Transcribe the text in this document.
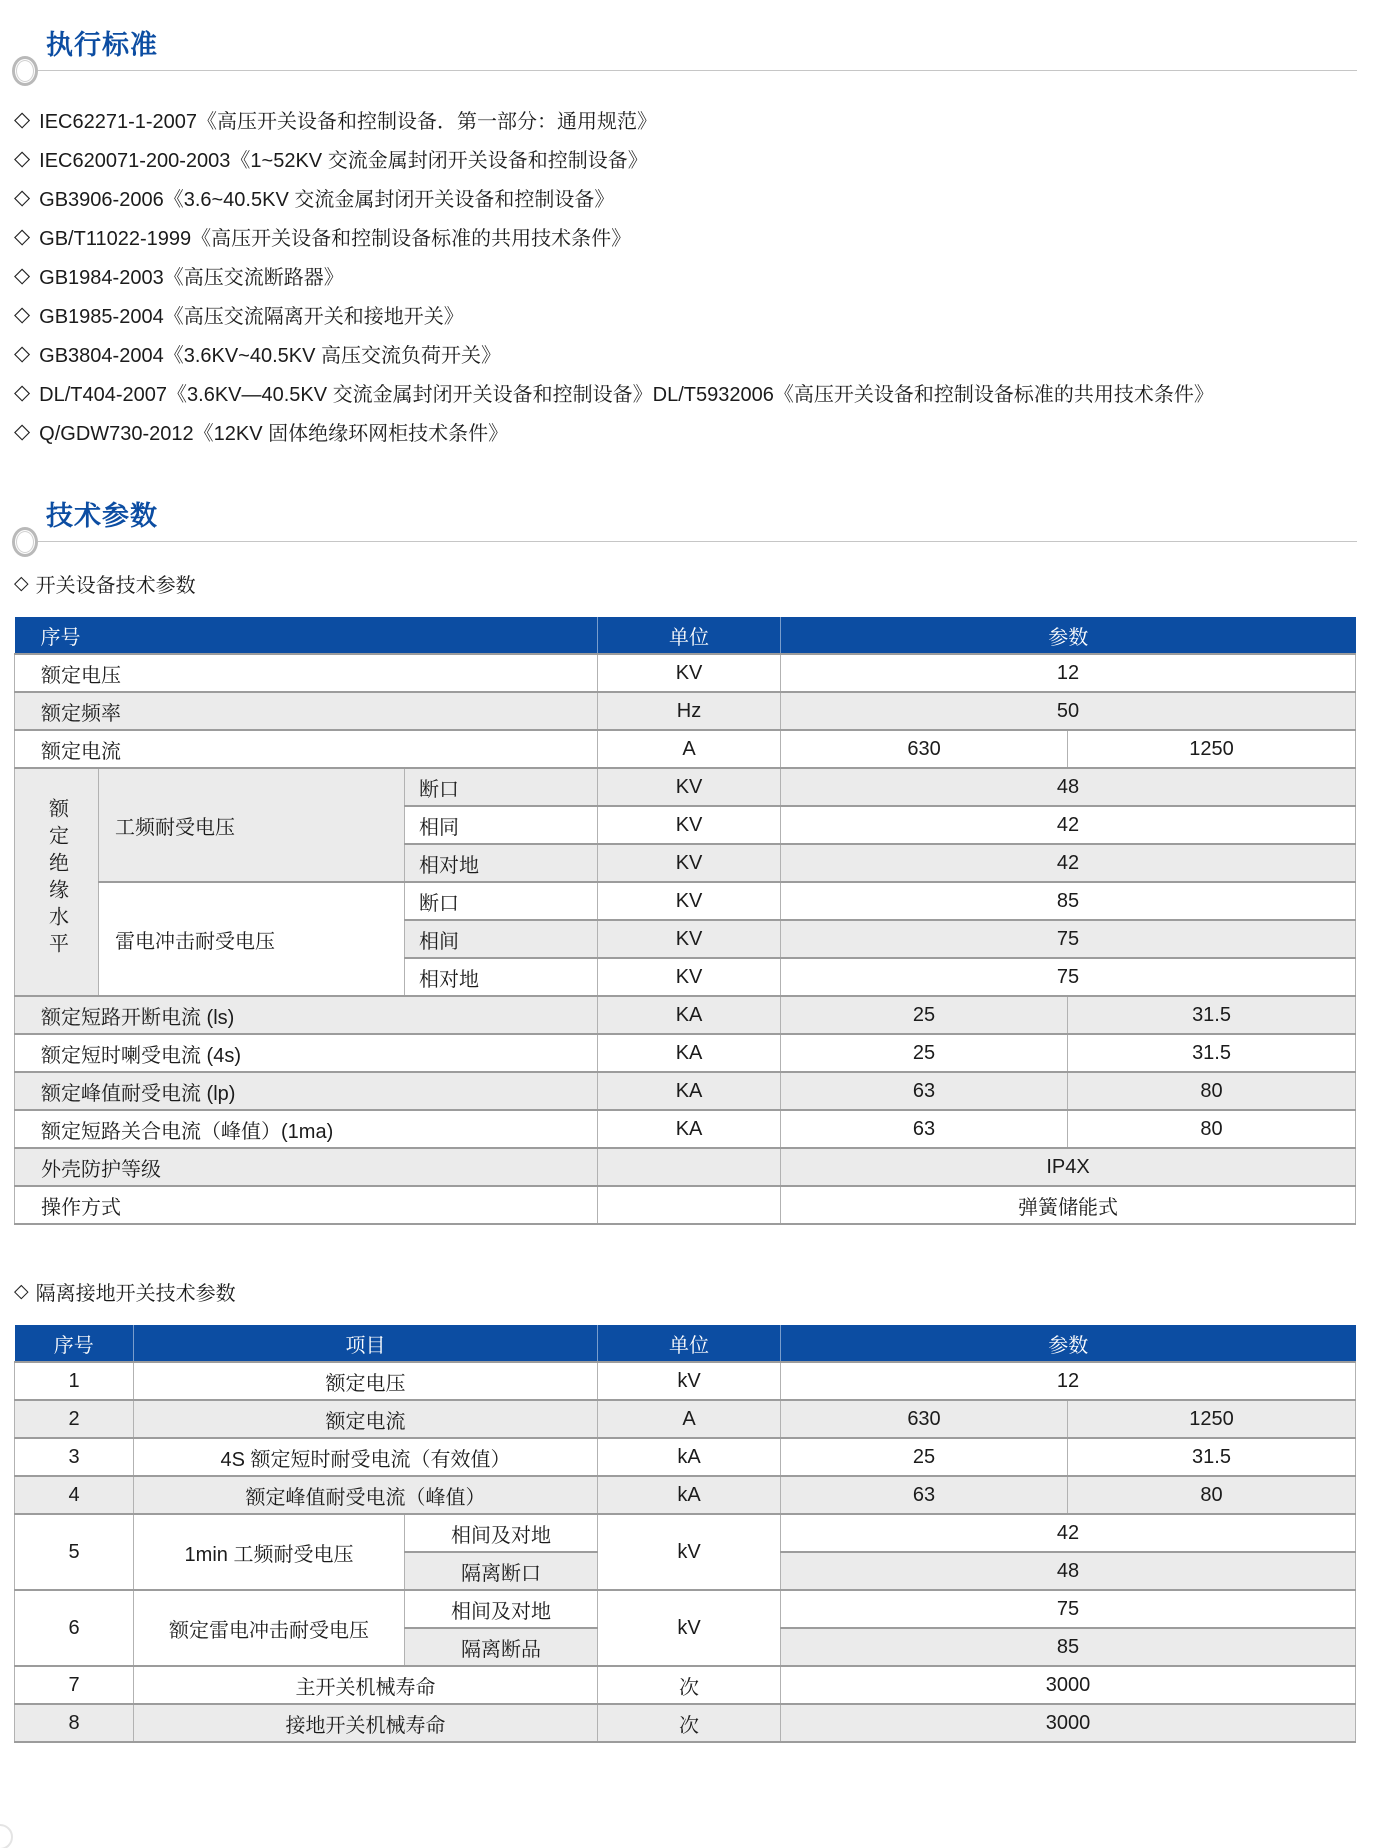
执行标准
◇ IEC62271-1-2007《高压开关设备和控制设备．第一部分：通用规范》
◇ IEC620071-200-2003《1~52KV 交流金属封闭开关设备和控制设备》
◇ GB3906-2006《3.6~40.5KV 交流金属封闭开关设备和控制设备》
◇ GB/T11022-1999《高压开关设备和控制设备标准的共用技术条件》
◇ GB1984-2003《高压交流断路器》
◇ GB1985-2004《高压交流隔离开关和接地开关》
◇ GB3804-2004《3.6KV~40.5KV 高压交流负荷开关》
◇ DL/T404-2007《3.6KV—40.5KV 交流金属封闭开关设备和控制设备》DL/T5932006《高压开关设备和控制设备标准的共用技术条件》
◇ Q/GDW730-2012《12KV 固体绝缘环网柜技术条件》
技术参数
◇ 开关设备技术参数
序号			单位	参数	
额定电压			KV	12	
额定频率			Hz	50	
额定电流			A	630	1250
额定绝缘水平	工频耐受电压	断口	KV	48	
		相同	KV	42	
		相对地	KV	42	
	雷电冲击耐受电压	断口	KV	85	
		相间	KV	75	
		相对地	KV	75	
额定短路开断电流 (ls)			KA	25	31.5
额定短时喇受电流 (4s)			KA	25	31.5
额定峰值耐受电流 (lp)			KA	63	80
额定短路关合电流（峰值）(1ma)			KA	63	80
外壳防护等级				IP4X	
操作方式				弹簧储能式	
◇ 隔离接地开关技术参数
序号	项目		单位	参数	
1	额定电压		kV	12	
2	额定电流		A	630	1250
3	4S 额定短时耐受电流（有效值）		kA	25	31.5
4	额定峰值耐受电流（峰值）		kA	63	80
5	1min 工频耐受电压	相间及对地	kV	42	
		隔离断口		48	
6	额定雷电冲击耐受电压	相间及对地	kV	75	
		隔离断品		85	
7	主开关机械寿命		次	3000	
8	接地开关机械寿命		次	3000	
